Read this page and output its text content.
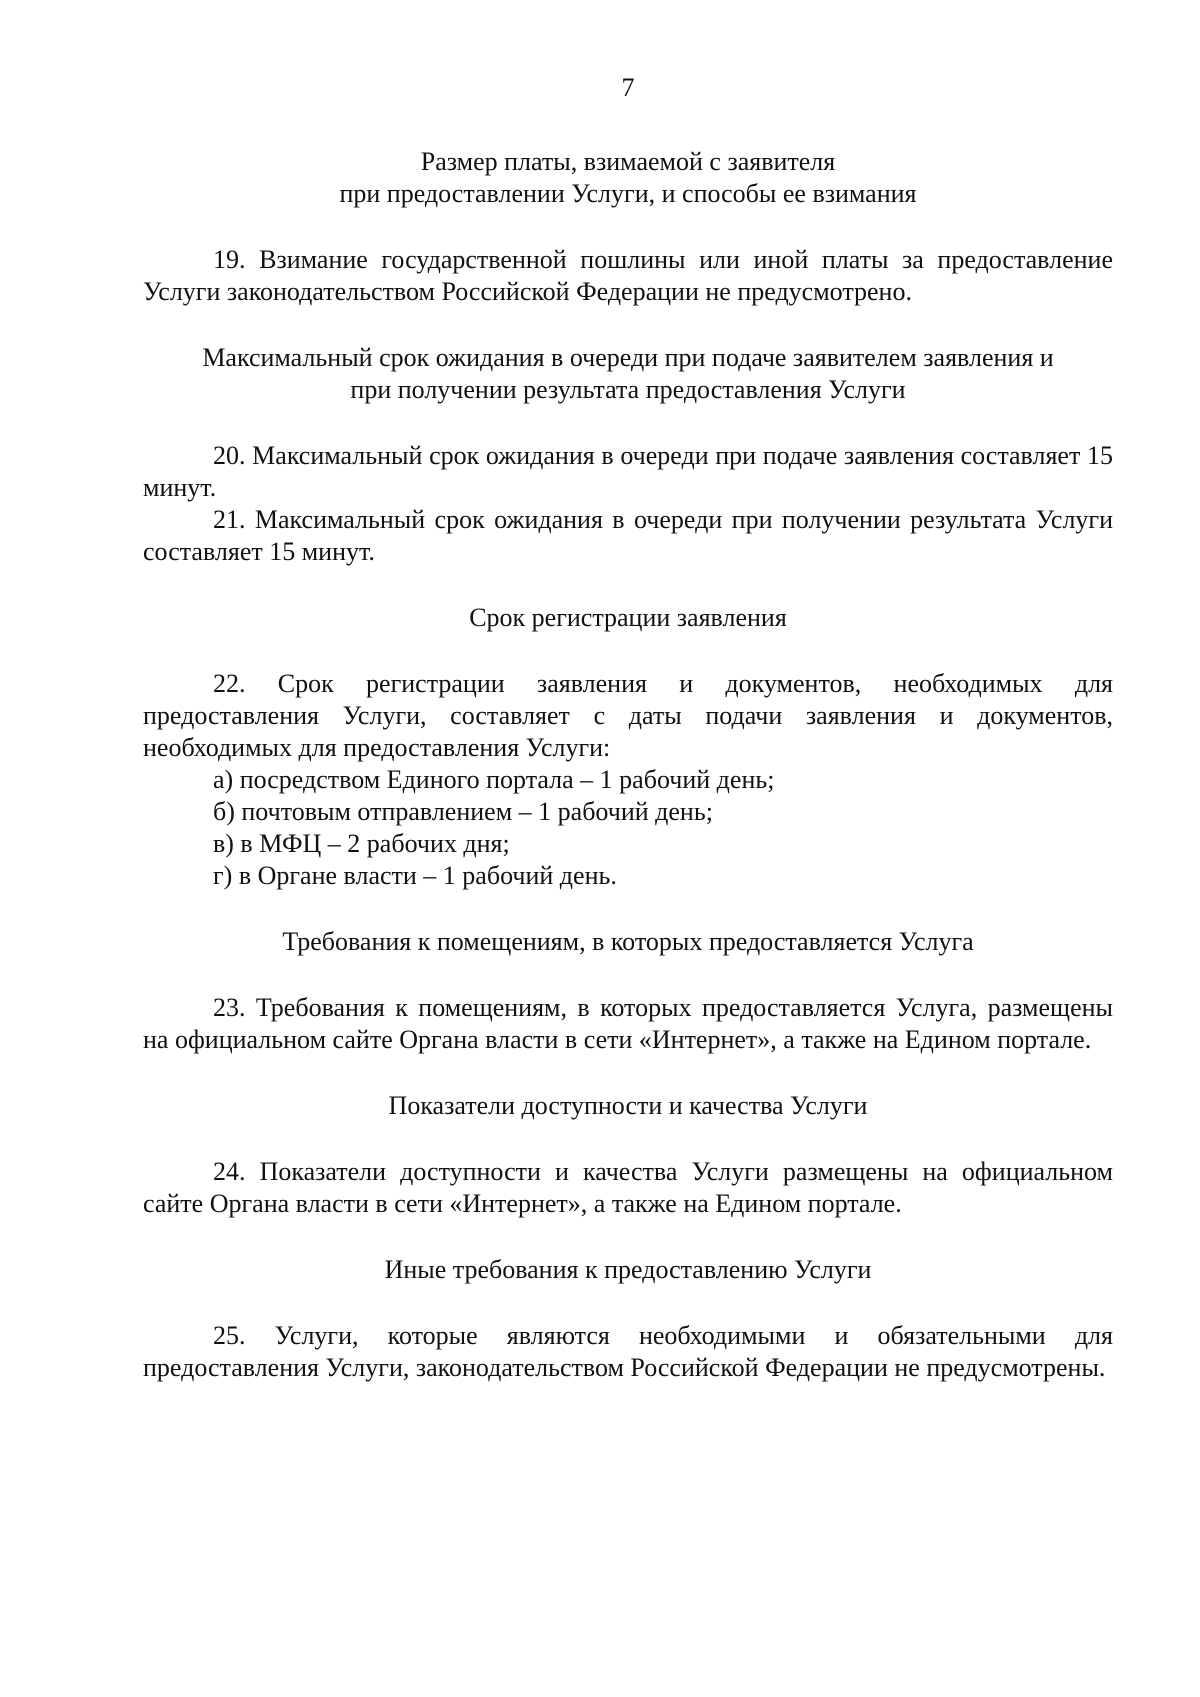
7
Размер платы, взимаемой с заявителя
при предоставлении Услуги, и способы ее взимания

19. Взимание государственной пошлины или иной платы за предоставление Услуги законодательством Российской Федерации не предусмотрено.

Максимальный срок ожидания в очереди при подаче заявителем заявления и
при получении результата предоставления Услуги

20. Максимальный срок ожидания в очереди при подаче заявления составляет 15 минут.

21. Максимальный срок ожидания в очереди при получении результата Услуги составляет 15 минут.

Срок регистрации заявления

22. Срок регистрации заявления и документов, необходимых для предоставления Услуги, составляет с даты подачи заявления и документов, необходимых для предоставления Услуги:

а) посредством Единого портала – 1 рабочий день;
б) почтовым отправлением – 1 рабочий день;
в) в МФЦ – 2 рабочих дня;
г) в Органе власти – 1 рабочий день.
Требования к помещениям, в которых предоставляется Услуга

23. Требования к помещениям, в которых предоставляется Услуга, размещены на официальном сайте Органа власти в сети «Интернет», а также на Едином портале.

Показатели доступности и качества Услуги

24. Показатели доступности и качества Услуги размещены на официальном сайте Органа власти в сети «Интернет», а также на Едином портале.

Иные требования к предоставлению Услуги

25. Услуги, которые являются необходимыми и обязательными для предоставления Услуги, законодательством Российской Федерации не предусмотрены.
